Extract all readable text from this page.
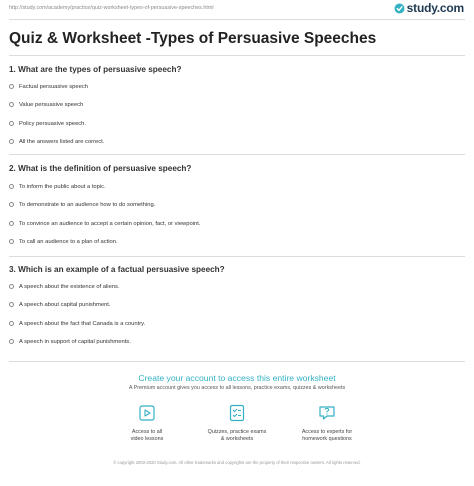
http://study.com/academy/practice/quiz-worksheet-types-of-persuasive-speeches.html	study.com
Quiz & Worksheet -Types of Persuasive Speeches
1. What are the types of persuasive speech?
Factual persuasive speech
Value persuasive speech
Policy persuasive speech.
All the answers listed are correct.
2. What is the definition of persuasive speech?
To inform the public about a topic.
To demonstrate to an audience how to do something.
To convince an audience to accept a certain opinion, fact, or viewpoint.
To call an audience to a plan of action.
3. Which is an example of a factual persuasive speech?
A speech about the existence of aliens.
A speech about capital punishment.
A speech about the fact that Canada is a country.
A speech in support of capital punishments.
Create your account to access this entire worksheet
A Premium account gives you access to all lessons, practice exams, quizzes & worksheets
Access to all
video lessons
Quizzes, practice exams
& worksheets
Access to experts for
homework questions
© copyright 2003-2020 Study.com. All other trademarks and copyrights are the property of their respective owners. All rights reserved.
